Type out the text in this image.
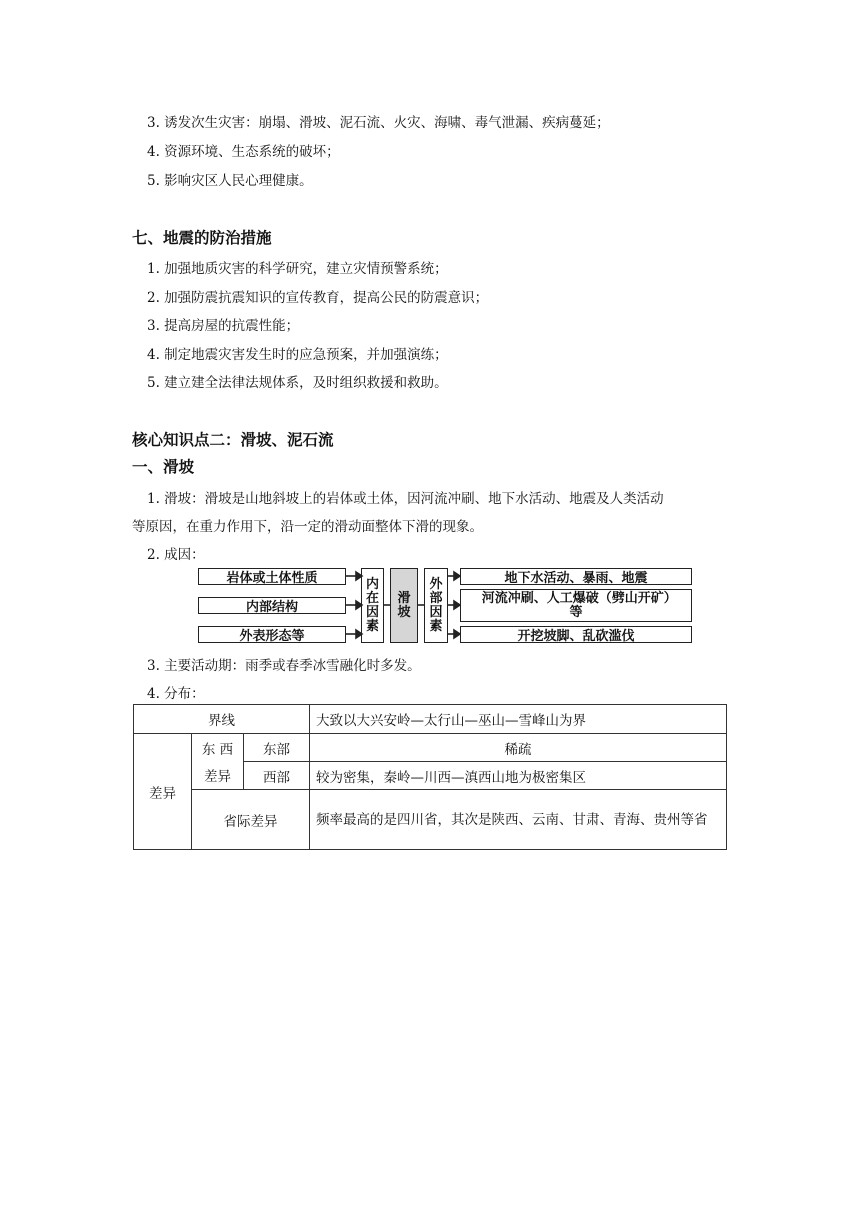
3. 诱发次生灾害：崩塌、滑坡、泥石流、火灾、海啸、毒气泄漏、疾病蔓延；
4. 资源环境、生态系统的破坏；
5. 影响灾区人民心理健康。
七、地震的防治措施
1. 加强地质灾害的科学研究，建立灾情预警系统；
2. 加强防震抗震知识的宣传教育，提高公民的防震意识；
3. 提高房屋的抗震性能；
4. 制定地震灾害发生时的应急预案，并加强演练；
5. 建立建全法律法规体系，及时组织救援和救助。
核心知识点二：滑坡、泥石流
一、滑坡
1. 滑坡：滑坡是山地斜坡上的岩体或土体，因河流冲刷、地下水活动、地震及人类活动
等原因，在重力作用下，沿一定的滑动面整体下滑的现象。
2. 成因：
岩体或土体性质
内部结构
外表形态等
内在因素
滑坡
外部因素
地下水活动、暴雨、地震
河流冲刷、人工爆破（劈山开矿）等
开挖坡脚、乱砍滥伐
3. 主要活动期：雨季或春季冰雪融化时多发。
4. 分布：
界线			大致以大兴安岭—太行山—巫山—雪峰山为界
差异	东 西	东部	稀疏
	差异	西部	较为密集，秦岭—川西—滇西山地为极密集区
	省际差异		频率最高的是四川省，其次是陕西、云南、甘肃、青海、贵州等省
